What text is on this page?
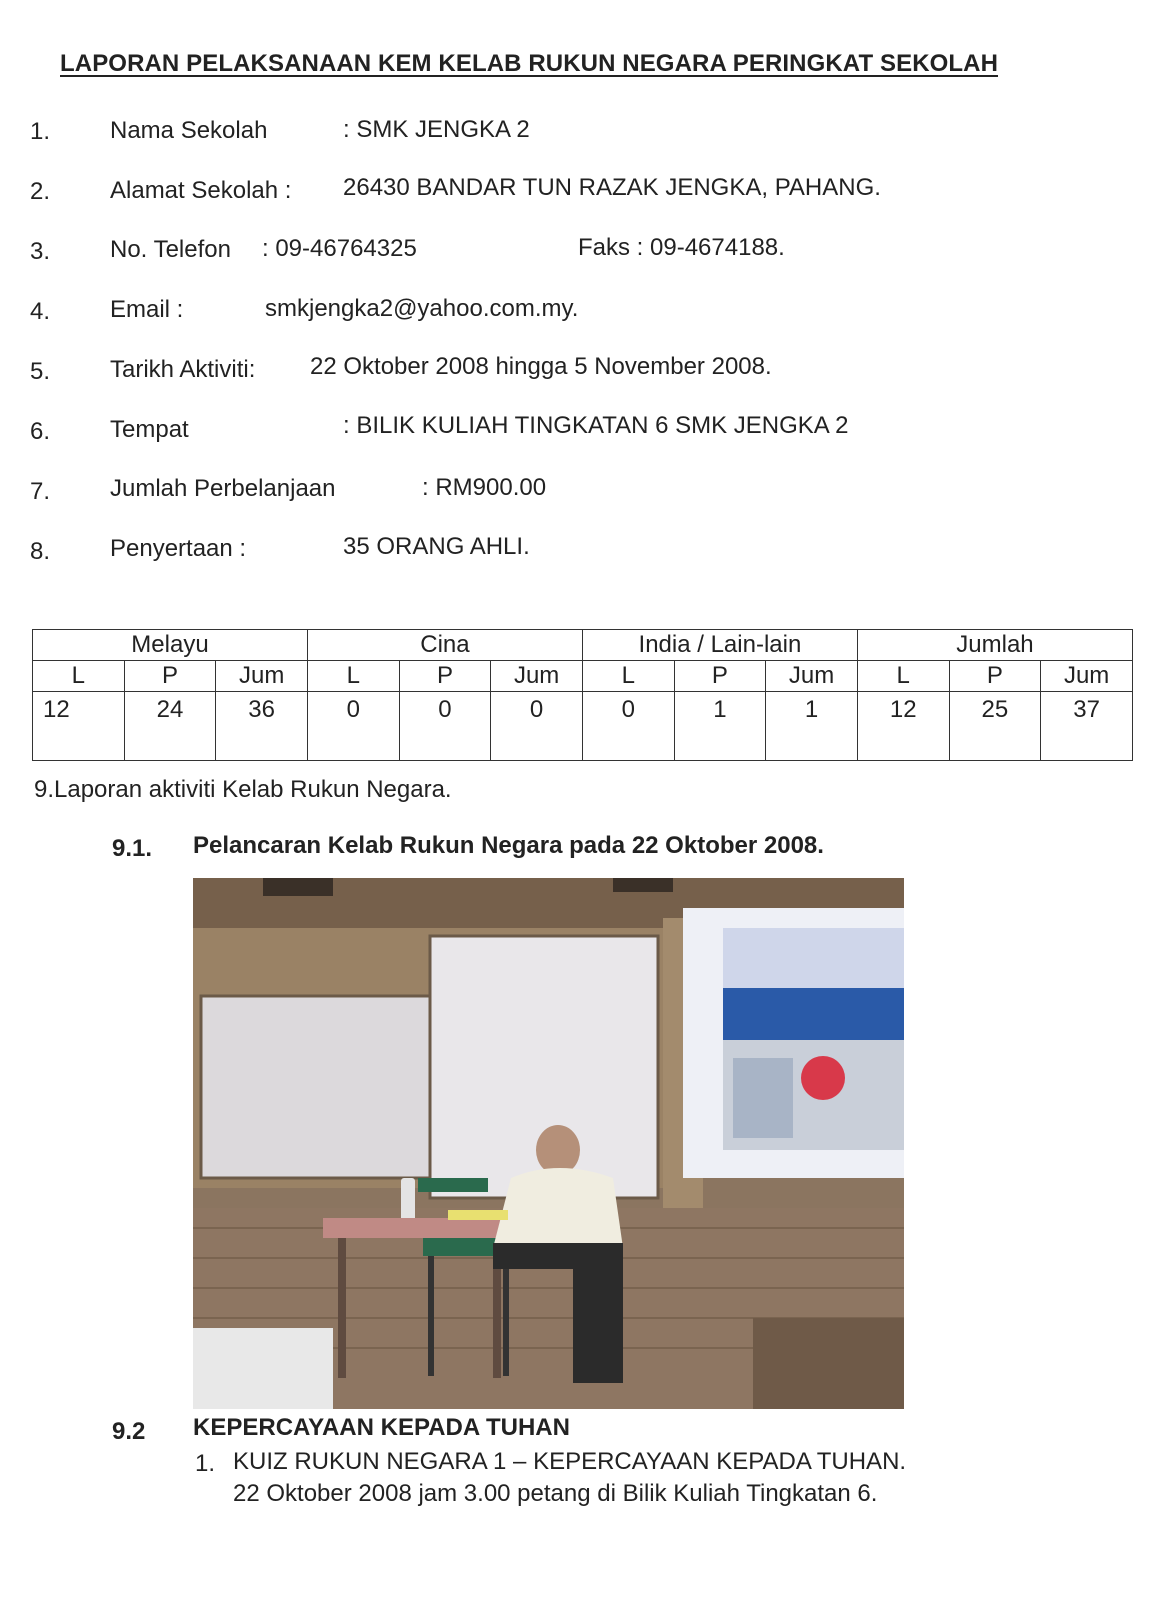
LAPORAN PELAKSANAAN KEM KELAB RUKUN NEGARA PERINGKAT SEKOLAH
1. Nama Sekolah	: SMK JENGKA 2
2. Alamat Sekolah : 26430 BANDAR TUN RAZAK JENGKA, PAHANG.
3. No. Telefon : 09-46764325	Faks : 09-4674188.
4. Email :	smkjengka2@yahoo.com.my.
5. Tarikh Aktiviti: 22 Oktober 2008 hingga 5 November 2008.
6. Tempat	: BILIK KULIAH TINGKATAN 6 SMK JENGKA 2
7. Jumlah Perbelanjaan	: RM900.00
8. Penyertaan :	35 ORANG AHLI.
Melayu			Cina			India / Lain-lain			Jumlah		
L	P	Jum	L	P	Jum	L	P	Jum	L	P	Jum
12	24	36	0	0	0	0	1	1	12	25	37
9.Laporan aktiviti Kelab Rukun Negara.
9.1. Pelancaran Kelab Rukun Negara pada 22 Oktober 2008.
9.2 KEPERCAYAAN KEPADA TUHAN
1. KUIZ RUKUN NEGARA 1 – KEPERCAYAAN KEPADA TUHAN.
22 Oktober 2008 jam 3.00 petang di Bilik Kuliah Tingkatan 6.
